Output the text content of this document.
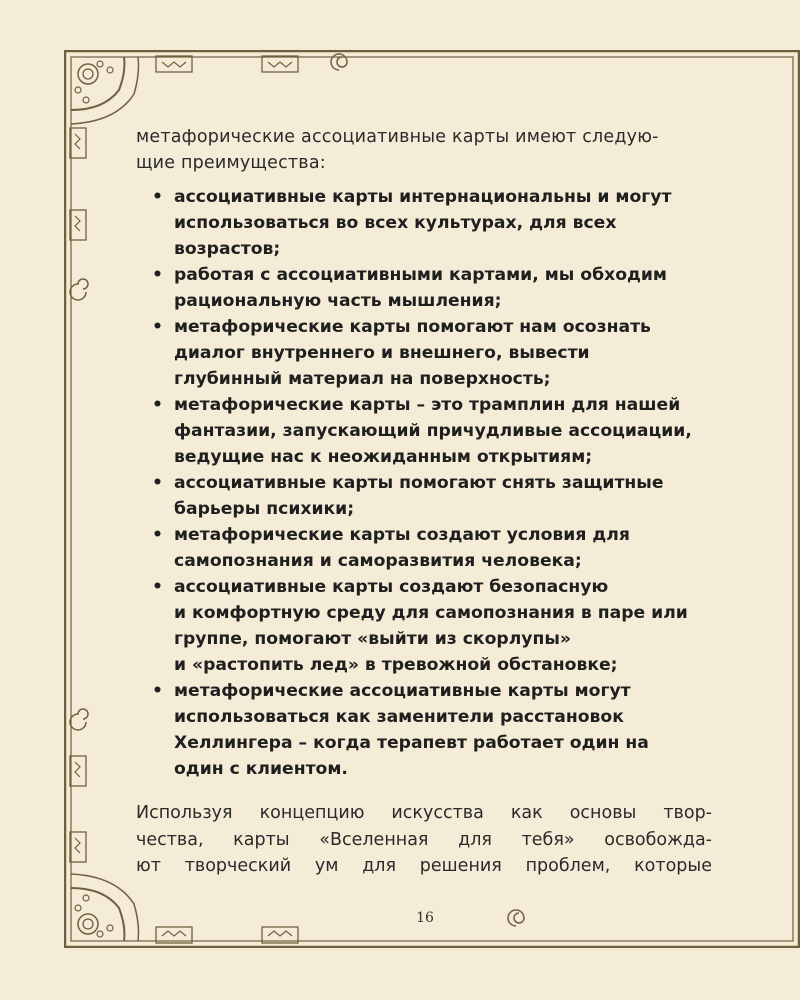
метафорические ассоциативные карты имеют следую-
щие преимущества:

• ассоциативные карты интернациональны и могут
использоваться во всех культурах, для всех
возрастов;
• работая с ассоциативными картами, мы обходим
рациональную часть мышления;
• метафорические карты помогают нам осознать
диалог внутреннего и внешнего, вывести
глубинный материал на поверхность;
• метафорические карты – это трамплин для нашей
фантазии, запускающий причудливые ассоциации,
ведущие нас к неожиданным открытиям;
• ассоциативные карты помогают снять защитные
барьеры психики;
• метафорические карты создают условия для
самопознания и саморазвития человека;
• ассоциативные карты создают безопасную
и комфортную среду для самопознания в паре или
группе, помогают «выйти из скорлупы»
и «растопить лед» в тревожной обстановке;
• метафорические ассоциативные карты могут
использоваться как заменители расстановок
Хеллингера – когда терапевт работает один на
один с клиентом.

Используя концепцию искусства как основы твор-
чества, карты «Вселенная для тебя» освобожда-
ют творческий ум для решения проблем, которые

16
